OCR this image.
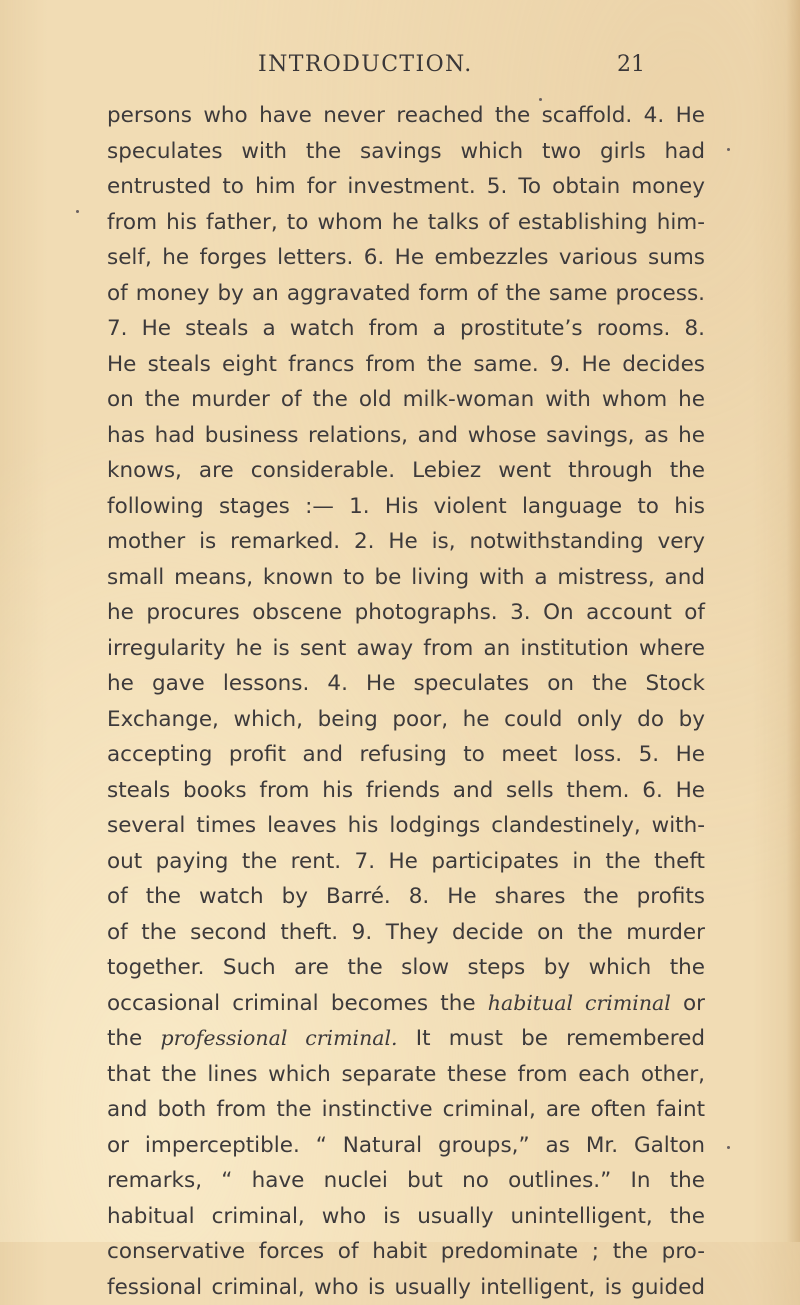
INTRODUCTION.	21
persons who have never reached the scaffold. 4. He
speculates with the savings which two girls had
entrusted to him for investment. 5. To obtain money
from his father, to whom he talks of establishing him-
self, he forges letters. 6. He embezzles various sums
of money by an aggravated form of the same process.
7. He steals a watch from a prostitute’s rooms. 8.
He steals eight francs from the same. 9. He decides
on the murder of the old milk-woman with whom he
has had business relations, and whose savings, as he
knows, are considerable. Lebiez went through the
following stages :— 1. His violent language to his
mother is remarked. 2. He is, notwithstanding very
small means, known to be living with a mistress, and
he procures obscene photographs. 3. On account of
irregularity he is sent away from an institution where
he gave lessons. 4. He speculates on the Stock
Exchange, which, being poor, he could only do by
accepting profit and refusing to meet loss. 5. He
steals books from his friends and sells them. 6. He
several times leaves his lodgings clandestinely, with-
out paying the rent. 7. He participates in the theft
of the watch by Barré. 8. He shares the profits
of the second theft. 9. They decide on the murder
together. Such are the slow steps by which the
occasional criminal becomes the habitual criminal or
the professional criminal. It must be remembered
that the lines which separate these from each other,
and both from the instinctive criminal, are often faint
or imperceptible. “ Natural groups,” as Mr. Galton
remarks, “ have nuclei but no outlines.” In the
habitual criminal, who is usually unintelligent, the
conservative forces of habit predominate ; the pro-
fessional criminal, who is usually intelligent, is guided
